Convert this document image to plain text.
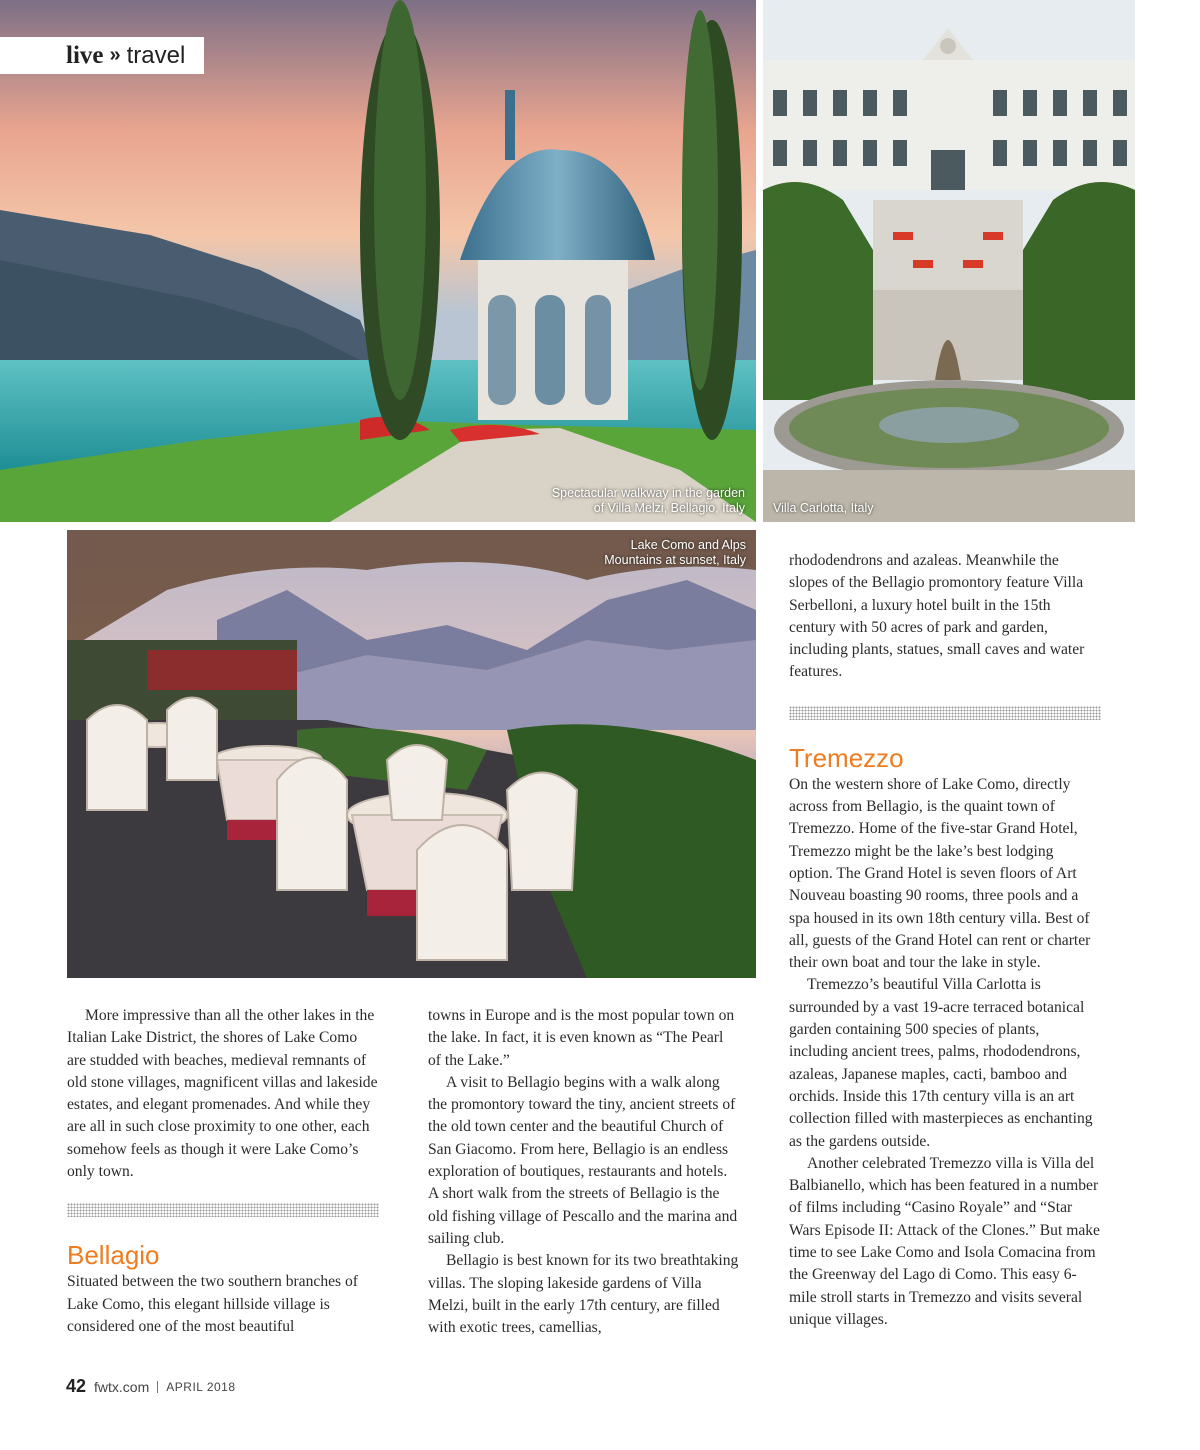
live » travel
Spectacular walkway in the garden
of Villa Melzi, Bellagio, Italy Villa Carlotta, Italy
Lake Como and Alps
Mountains at sunset, Italy

More impressive than all the other lakes in the Italian Lake District, the shores of Lake Como are studded with beaches, medieval remnants of old stone villages, magnificent villas and lakeside estates, and elegant promenades. And while they are all in such close proximity to one other, each somehow feels as though it were Lake Como’s only town.

Bellagio

Situated between the two southern branches of Lake Como, this elegant hillside village is considered one of the most beautiful

towns in Europe and is the most popular town on the lake. In fact, it is even known as “The Pearl of the Lake.”

A visit to Bellagio begins with a walk along the promontory toward the tiny, ancient streets of the old town center and the beautiful Church of San Giacomo. From here, Bellagio is an endless exploration of boutiques, restaurants and hotels. A short walk from the streets of Bellagio is the old fishing village of Pescallo and the marina and sailing club.

Bellagio is best known for its two breathtaking villas. The sloping lakeside gardens of Villa Melzi, built in the early 17th century, are filled with exotic trees, camellias,

rhododendrons and azaleas. Meanwhile the slopes of the Bellagio promontory feature Villa Serbelloni, a luxury hotel built in the 15th century with 50 acres of park and garden, including plants, statues, small caves and water features.

Tremezzo

On the western shore of Lake Como, directly across from Bellagio, is the quaint town of Tremezzo. Home of the five-star Grand Hotel, Tremezzo might be the lake’s best lodging option. The Grand Hotel is seven floors of Art Nouveau boasting 90 rooms, three pools and a spa housed in its own 18th century villa. Best of all, guests of the Grand Hotel can rent or charter their own boat and tour the lake in style.

Tremezzo’s beautiful Villa Carlotta is surrounded by a vast 19-acre terraced botanical garden containing 500 species of plants, including ancient trees, palms, rhododendrons, azaleas, Japanese maples, cacti, bamboo and orchids. Inside this 17th century villa is an art collection filled with masterpieces as enchanting as the gardens outside.

Another celebrated Tremezzo villa is Villa del Balbianello, which has been featured in a number of films including “Casino Royale” and “Star Wars Episode II: Attack of the Clones.” But make time to see Lake Como and Isola Comacina from the Greenway del Lago di Como. This easy 6-mile stroll starts in Tremezzo and visits several unique villages.

42 fwtx.com APRIL 2018
